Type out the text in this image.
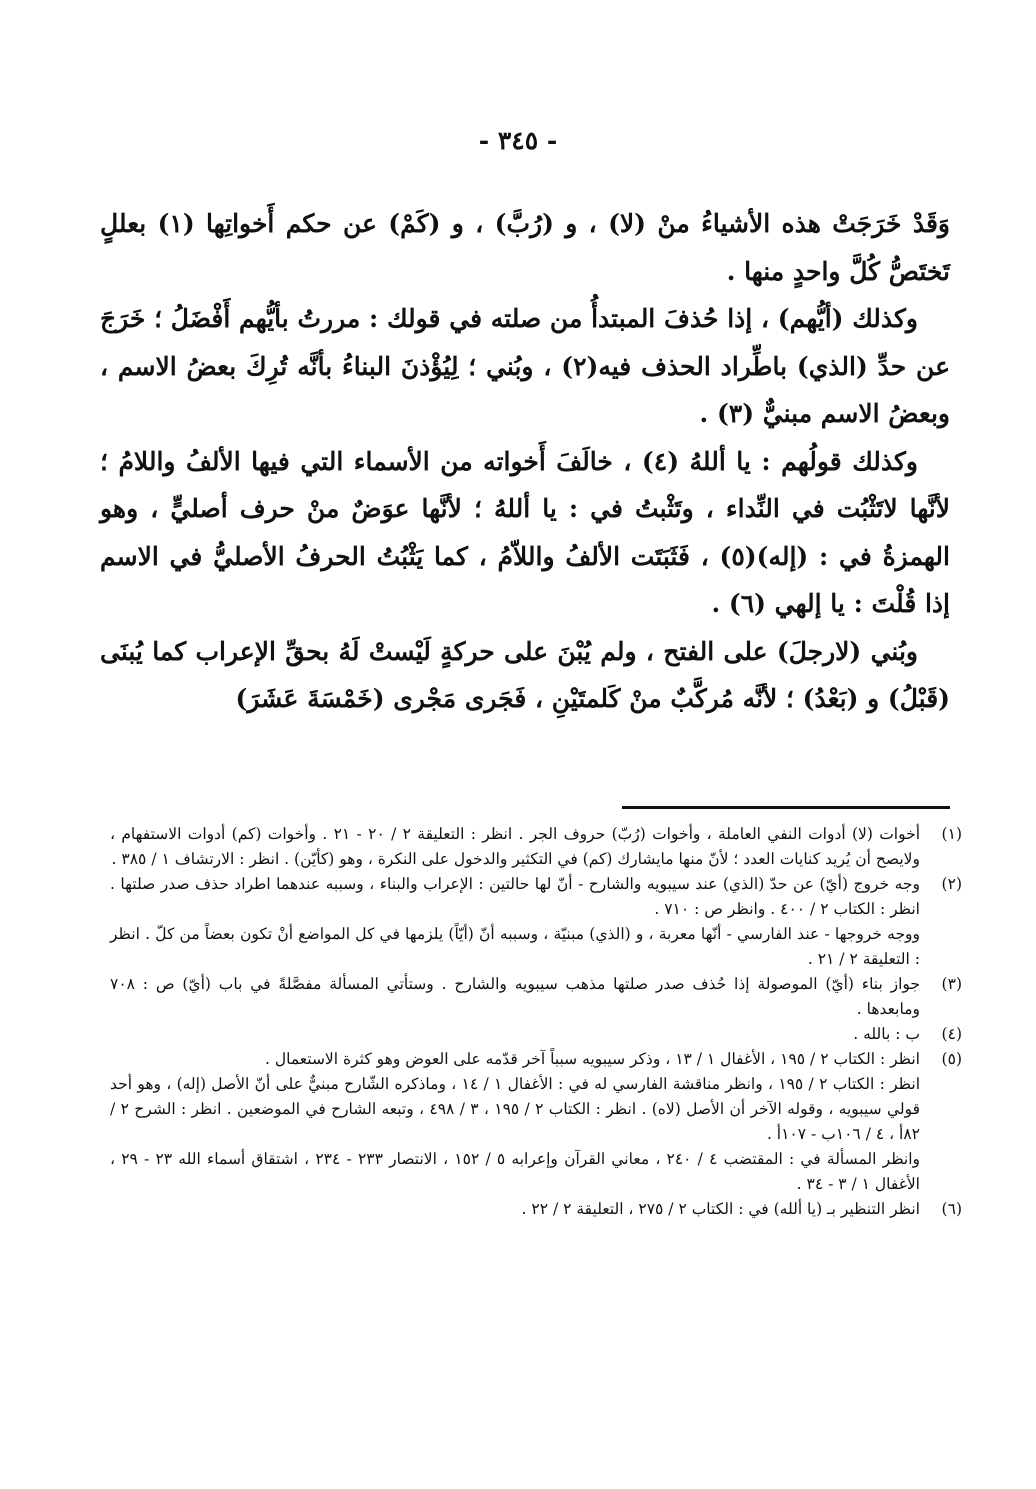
- ٣٤٥ -

وَقَدْ خَرَجَتْ هذه الأشياءُ منْ (لا) ، و (رُبَّ) ، و (كَمْ) عن حكم أَخواتِها (١) بعللٍ تَختَصُّ كُلَّ واحدٍ منها .

وكذلك (أيُّهم) ، إذا حُذفَ المبتدأُ من صلته في قولك : مررتُ بأيُّهم أَفْضَلُ ؛ خَرَجَ عن حدِّ (الذي) باطِّراد الحذف فيه(٢) ، وبُني ؛ لِيُؤْذنَ البناءُ بأنَّه تُرِكَ بعضُ الاسم ، وبعضُ الاسم مبنيٌّ (٣) .

وكذلك قولُهم : يا أللهُ (٤) ، خالَفَ أَخواته من الأسماء التي فيها الألفُ واللامُ ؛ لأنَّها لاتَثْبُت في النِّداء ، وتَثْبتُ في : يا أللهُ ؛ لأنَّها عوَضٌ منْ حرف أصليٍّ ، وهو الهمزةُ في : (إله)(٥) ، فَثَبَتَت الألفُ واللاّمُ ، كما يَثْبُتُ الحرفُ الأصليُّ في الاسم إذا قُلْتَ : يا إلهي (٦) .

وبُني (لارجلَ) على الفتح ، ولم يُبْنَ على حركةٍ لَيْستْ لَهُ بحقِّ الإعراب كما يُبنَى (قَبْلُ) و (بَعْدُ) ؛ لأنَّه مُركَّبٌ منْ كَلمتَيْنِ ، فَجَرى مَجْرى (خَمْسَةَ عَشَرَ)

(١)
أخوات (لا) أدوات النفي العاملة ، وأخوات (رُبّ) حروف الجر . انظر : التعليقة ٢ / ٢٠ - ٢١ . وأخوات (كم) أدوات الاستفهام ، ولايصح أن يُريد كنايات العدد ؛ لأنّ منها مايشارك (كم) في التكثير والدخول على النكرة ، وهو (كأيّن) . انظر : الارتشاف ١ / ٣٨٥ .
(٢)
وجه خروج (أيّ) عن حدّ (الذي) عند سيبويه والشارح - أنّ لها حالتين : الإعراب والبناء ، وسببه عندهما اطراد حذف صدر صلتها . انظر : الكتاب ٢ / ٤٠٠ . وانظر ص : ٧١٠ .

ووجه خروجها - عند الفارسي - أنّها معربة ، و (الذي) مبنيّة ، وسببه أنّ (أيّاً) يلزمها في كل المواضع أنْ تكون بعضاً من كلّ . انظر : التعليقة ٢ / ٢١ .

(٣)
جواز بناء (أيّ) الموصولة إذا حُذف صدر صلتها مذهب سيبويه والشارح . وستأتي المسألة مفصَّلةً في باب (أيّ) ص : ٧٠٨ ومابعدها .
(٤)
ب : بالله .
(٥)
انظر : الكتاب ٢ / ١٩٥ ، الأغفال ١ / ١٣ ، وذكر سيبويه سبباً آخر قدّمه على العوض وهو كثرة الاستعمال .

انظر : الكتاب ٢ / ١٩٥ ، وانظر مناقشة الفارسي له في : الأغفال ١ / ١٤ ، وماذكره الشّارح مبنيٌّ على أنّ الأصل (إله) ، وهو أحد قولي سيبويه ، وقوله الآخر أن الأصل (لاه) . انظر : الكتاب ٢ / ١٩٥ ، ٣ / ٤٩٨ ، وتبعه الشارح في الموضعين . انظر : الشرح ٢ / ٨٢أ ، ٤ / ١٠٦ب - ١٠٧أ .

وانظر المسألة في : المقتضب ٤ / ٢٤٠ ، معاني القرآن وإعرابه ٥ / ١٥٢ ، الانتصار ٢٣٣ - ٢٣٤ ، اشتقاق أسماء الله ٢٣ - ٢٩ ، الأغفال ١ / ٣ - ٣٤ .

(٦)
انظر التنظير بـ (يا ألله) في : الكتاب ٢ / ٢٧٥ ، التعليقة ٢ / ٢٢ .
